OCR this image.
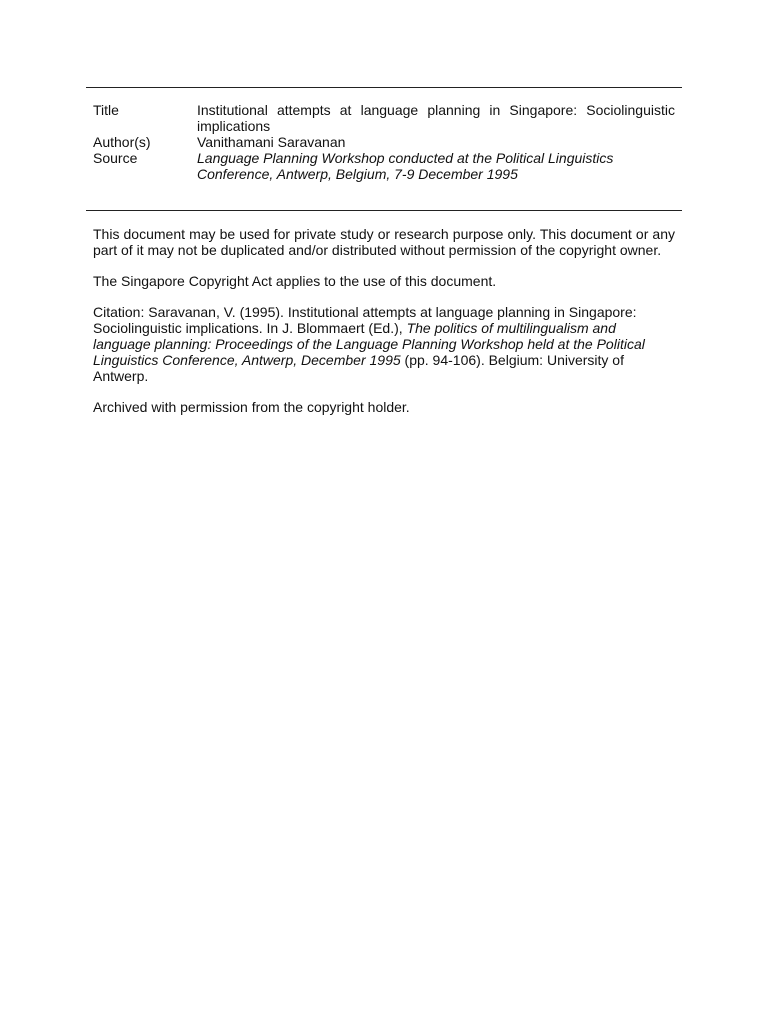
Title	Institutional attempts at language planning in Singapore: Sociolinguistic implications
Author(s)	Vanithamani Saravanan
Source	Language Planning Workshop conducted at the Political Linguistics Conference, Antwerp, Belgium, 7-9 December 1995

This document may be used for private study or research purpose only. This document or any part of it may not be duplicated and/or distributed without permission of the copyright owner.

The Singapore Copyright Act applies to the use of this document.

Citation: Saravanan, V. (1995). Institutional attempts at language planning in Singapore: Sociolinguistic implications. In J. Blommaert (Ed.), The politics of multilingualism and language planning: Proceedings of the Language Planning Workshop held at the Political Linguistics Conference, Antwerp, December 1995 (pp. 94-106). Belgium: University of Antwerp.

Archived with permission from the copyright holder.
